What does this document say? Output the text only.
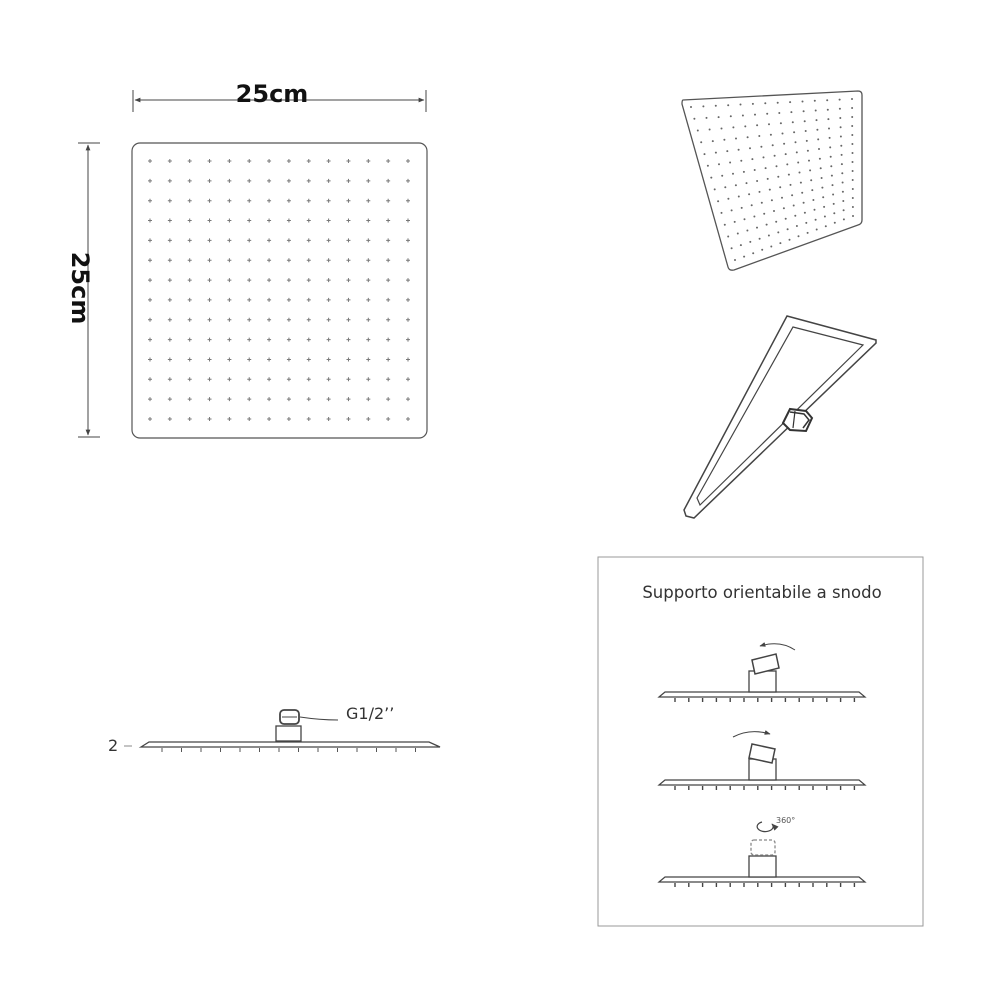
25cm
25cm
G1/2’’
2
Supporto orientabile a snodo
360°
